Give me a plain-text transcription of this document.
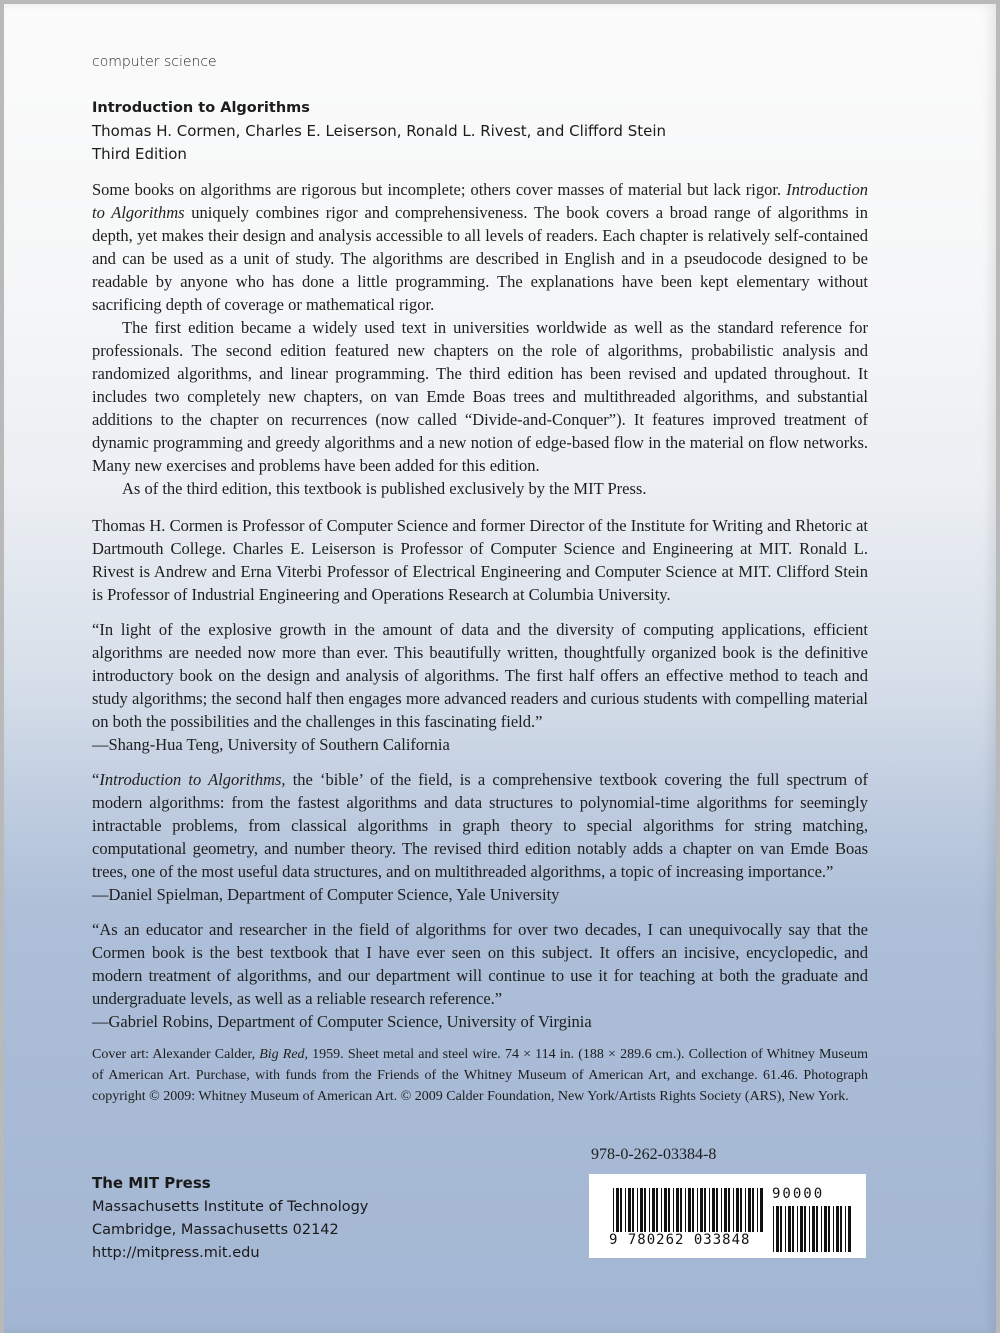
computer science
Introduction to Algorithms
Thomas H. Cormen, Charles E. Leiserson, Ronald L. Rivest, and Clifford Stein
Third Edition

Some books on algorithms are rigorous but incomplete; others cover masses of material but lack rigor. Introduction to Algorithms uniquely combines rigor and comprehensiveness. The book covers a broad range of algorithms in depth, yet makes their design and analysis accessible to all levels of readers. Each chapter is relatively self-contained and can be used as a unit of study. The algorithms are described in English and in a pseudocode designed to be readable by anyone who has done a little programming. The explanations have been kept elementary without sacrificing depth of coverage or mathematical rigor.

The first edition became a widely used text in universities worldwide as well as the standard reference for professionals. The second edition featured new chapters on the role of algorithms, probabilistic analysis and randomized algorithms, and linear programming. The third edition has been revised and updated throughout. It includes two completely new chapters, on van Emde Boas trees and multithreaded algorithms, and substantial additions to the chapter on recurrences (now called “Divide-and-Conquer”). It features improved treatment of dynamic programming and greedy algorithms and a new notion of edge-based flow in the material on flow networks. Many new exercises and problems have been added for this edition.

As of the third edition, this textbook is published exclusively by the MIT Press.

Thomas H. Cormen is Professor of Computer Science and former Director of the Institute for Writing and Rhetoric at Dartmouth College. Charles E. Leiserson is Professor of Computer Science and Engineering at MIT. Ronald L. Rivest is Andrew and Erna Viterbi Professor of Electrical Engineering and Computer Science at MIT. Clifford Stein is Professor of Industrial Engineering and Operations Research at Columbia University.

“In light of the explosive growth in the amount of data and the diversity of computing applications, efficient algorithms are needed now more than ever. This beautifully written, thoughtfully organized book is the definitive introductory book on the design and analysis of algorithms. The first half offers an effective method to teach and study algorithms; the second half then engages more advanced readers and curious students with compelling material on both the possibilities and the challenges in this fascinating field.”

—Shang-Hua Teng, University of Southern California

“Introduction to Algorithms, the ‘bible’ of the field, is a comprehensive textbook covering the full spectrum of modern algorithms: from the fastest algorithms and data structures to polynomial-time algorithms for seemingly intractable problems, from classical algorithms in graph theory to special algorithms for string matching, computational geometry, and number theory. The revised third edition notably adds a chapter on van Emde Boas trees, one of the most useful data structures, and on multithreaded algorithms, a topic of increasing importance.”

—Daniel Spielman, Department of Computer Science, Yale University

“As an educator and researcher in the field of algorithms for over two decades, I can unequivocally say that the Cormen book is the best textbook that I have ever seen on this subject. It offers an incisive, encyclopedic, and modern treatment of algorithms, and our department will continue to use it for teaching at both the graduate and undergraduate levels, as well as a reliable research reference.”

—Gabriel Robins, Department of Computer Science, University of Virginia

Cover art: Alexander Calder, Big Red, 1959. Sheet metal and steel wire. 74 × 114 in. (188 × 289.6 cm.). Collection of Whitney Museum of American Art. Purchase, with funds from the Friends of the Whitney Museum of American Art, and exchange. 61.46. Photograph copyright © 2009: Whitney Museum of American Art. © 2009 Calder Foundation, New York/Artists Rights Society (ARS), New York.
978-0-262-03384-8
9 780262 033848
90000
The MIT Press
Massachusetts Institute of Technology
Cambridge, Massachusetts 02142
http://mitpress.mit.edu
